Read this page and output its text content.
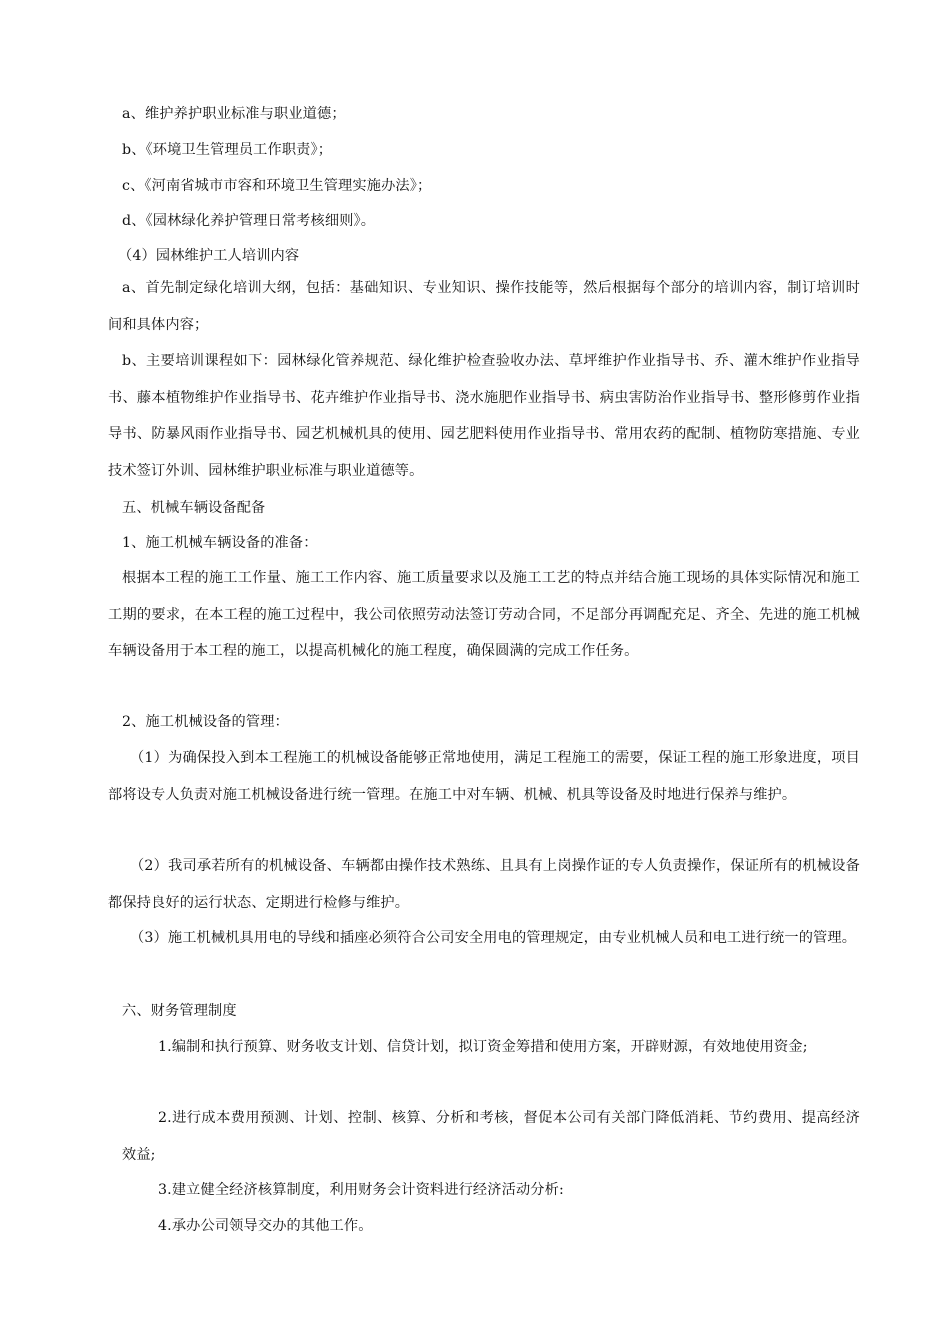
a、维护养护职业标准与职业道德；

b、《环境卫生管理员工作职责》；

c、《河南省城市市容和环境卫生管理实施办法》；

d、《园林绿化养护管理日常考核细则》。

（4）园林维护工人培训内容

a、首先制定绿化培训大纲，包括：基础知识、专业知识、操作技能等，然后根据每个部分的培训内容，制订培训时间和具体内容；

b、主要培训课程如下：园林绿化管养规范、绿化维护检查验收办法、草坪维护作业指导书、乔、灌木维护作业指导书、藤本植物维护作业指导书、花卉维护作业指导书、浇水施肥作业指导书、病虫害防治作业指导书、整形修剪作业指导书、防暴风雨作业指导书、园艺机械机具的使用、园艺肥料使用作业指导书、常用农药的配制、植物防寒措施、专业技术签订外训、园林维护职业标准与职业道德等。

五、机械车辆设备配备

1、施工机械车辆设备的准备：

根据本工程的施工工作量、施工工作内容、施工质量要求以及施工工艺的特点并结合施工现场的具体实际情况和施工工期的要求，在本工程的施工过程中，我公司依照劳动法签订劳动合同，不足部分再调配充足、齐全、先进的施工机械车辆设备用于本工程的施工，以提高机械化的施工程度，确保圆满的完成工作任务。

2、施工机械设备的管理：

（1）为确保投入到本工程施工的机械设备能够正常地使用，满足工程施工的需要，保证工程的施工形象进度，项目部将设专人负责对施工机械设备进行统一管理。在施工中对车辆、机械、机具等设备及时地进行保养与维护。

（2）我司承若所有的机械设备、车辆都由操作技术熟练、且具有上岗操作证的专人负责操作，保证所有的机械设备都保持良好的运行状态、定期进行检修与维护。

（3）施工机械机具用电的导线和插座必须符合公司安全用电的管理规定，由专业机械人员和电工进行统一的管理。

六、财务管理制度

1.编制和执行预算、财务收支计划、信贷计划，拟订资金筹措和使用方案，开辟财源，有效地使用资金;

2.进行成本费用预测、计划、控制、核算、分析和考核，督促本公司有关部门降低消耗、节约费用、提高经济效益;

3.建立健全经济核算制度，利用财务会计资料进行经济活动分析:

4.承办公司领导交办的其他工作。
